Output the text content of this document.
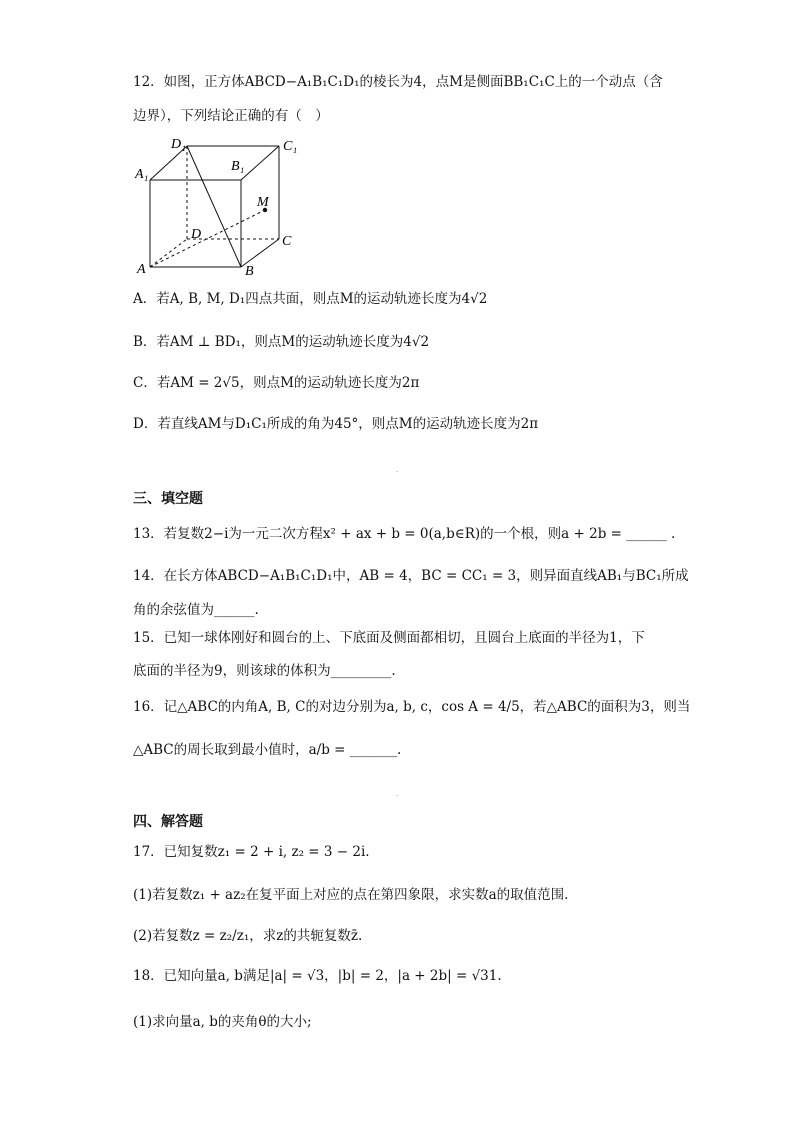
12．如图，正方体ABCD−A₁B₁C₁D₁的棱长为4，点M是侧面BB₁C₁C上的一个动点（含
边界），下列结论正确的有（　）
D₁	C₁
A₁
B₁
M
D	C
A	B
A．若A, B, M, D₁四点共面，则点M的运动轨迹长度为4√2
B．若AM ⊥ BD₁，则点M的运动轨迹长度为4√2
C．若AM = 2√5，则点M的运动轨迹长度为2π
D．若直线AM与D₁C₁所成的角为45°，则点M的运动轨迹长度为2π
三、填空题
13．若复数2−i为一元二次方程x² + ax + b = 0(a,b∈R)的一个根，则a + 2b = ______ .
14．在长方体ABCD−A₁B₁C₁D₁中，AB = 4，BC = CC₁ = 3，则异面直线AB₁与BC₁所成
角的余弦值为______.
15．已知一球体刚好和圆台的上、下底面及侧面都相切，且圆台上底面的半径为1，下
底面的半径为9，则该球的体积为_________.
16．记△ABC的内角A, B, C的对边分别为a, b, c，cos A = 4/5，若△ABC的面积为3，则当
△ABC的周长取到最小值时，a/b = _______.
四、解答题
17．已知复数z₁ = 2 + i, z₂ = 3 − 2i.
(1)若复数z₁ + az₂在复平面上对应的点在第四象限，求实数a的取值范围.
(2)若复数z = z₂/z₁，求z的共轭复数z̄.
18．已知向量a, b满足|a| = √3，|b| = 2，|a + 2b| = √31.
(1)求向量a, b的夹角θ的大小;
